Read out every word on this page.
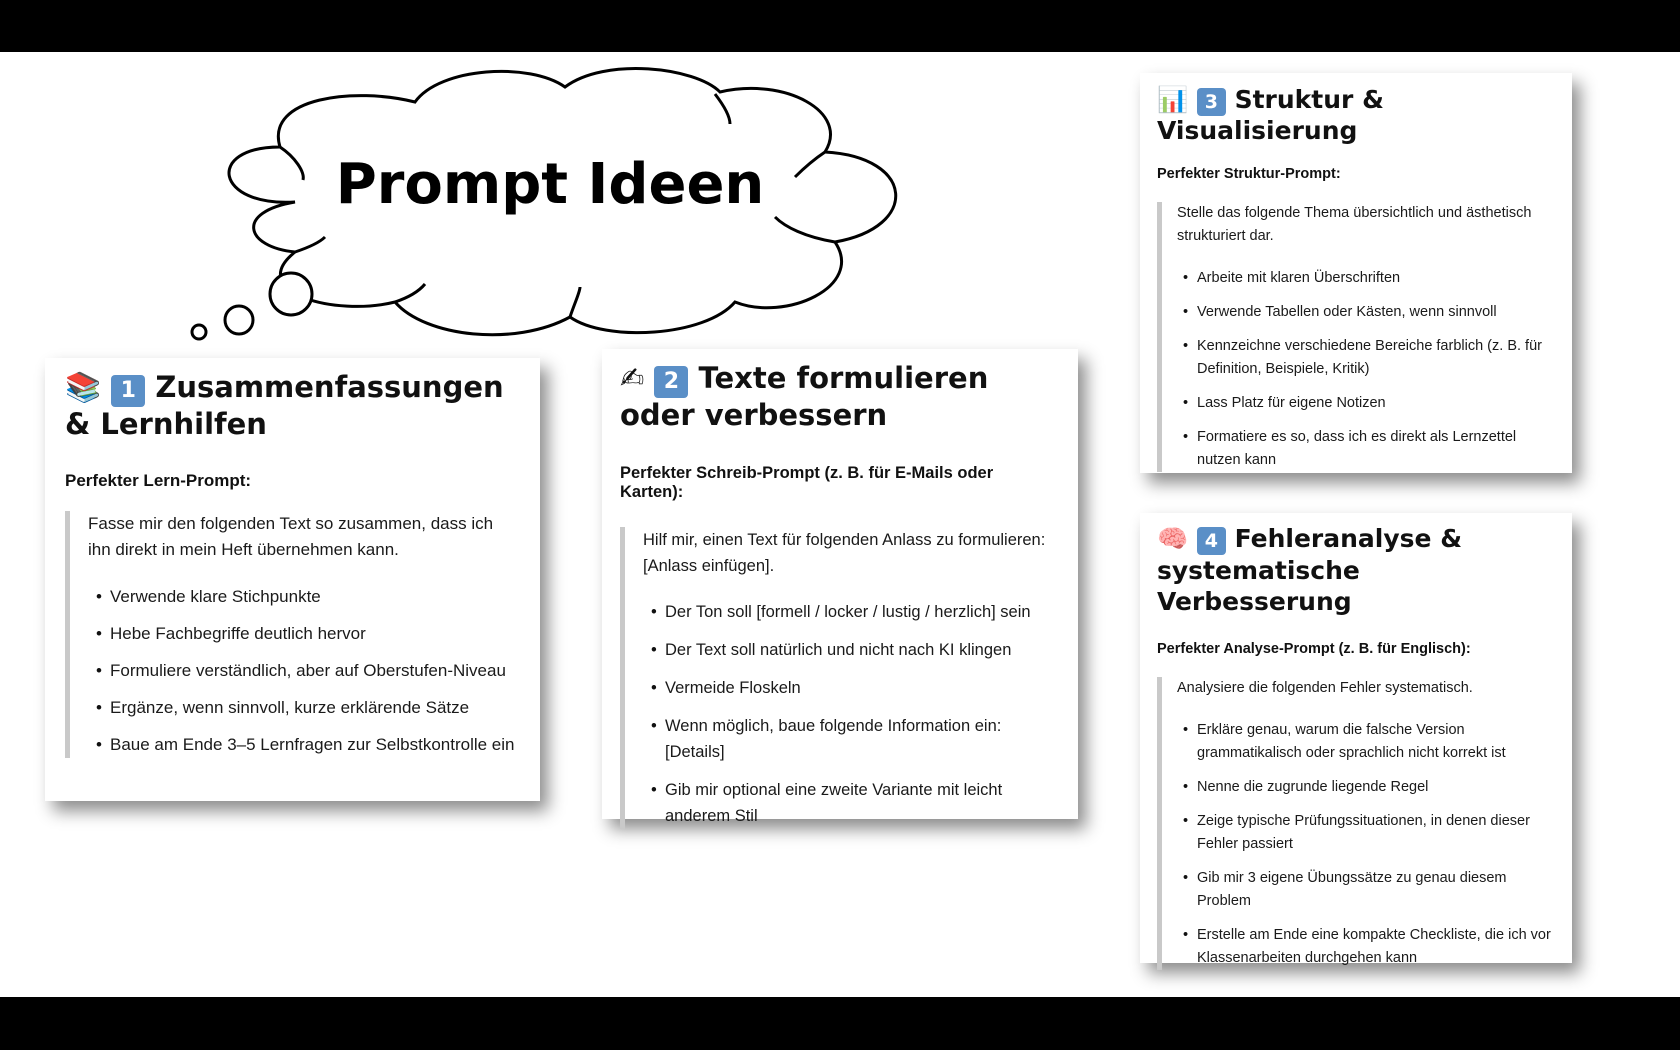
Prompt Ideen
📚 1 Zusammenfassungen & Lernhilfen

Perfekter Lern-Prompt:

Fasse mir den folgenden Text so zusammen, dass ich ihn direkt in mein Heft übernehmen kann.

• Verwende klare Stichpunkte
• Hebe Fachbegriffe deutlich hervor
• Formuliere verständlich, aber auf Oberstufen-Niveau
• Ergänze, wenn sinnvoll, kurze erklärende Sätze
• Baue am Ende 3–5 Lernfragen zur Selbstkontrolle ein
✍ 2 Texte formulieren oder verbessern

Perfekter Schreib-Prompt (z. B. für E-Mails oder Karten):

Hilf mir, einen Text für folgenden Anlass zu formulieren: [Anlass einfügen].

• Der Ton soll [formell / locker / lustig / herzlich] sein
• Der Text soll natürlich und nicht nach KI klingen
• Vermeide Floskeln
• Wenn möglich, baue folgende Information ein: [Details]
• Gib mir optional eine zweite Variante mit leicht anderem Stil
📊 3 Struktur & Visualisierung

Perfekter Struktur-Prompt:

Stelle das folgende Thema übersichtlich und ästhetisch strukturiert dar.

• Arbeite mit klaren Überschriften
• Verwende Tabellen oder Kästen, wenn sinnvoll
• Kennzeichne verschiedene Bereiche farblich (z. B. für Definition, Beispiele, Kritik)
• Lass Platz für eigene Notizen
• Formatiere es so, dass ich es direkt als Lernzettel nutzen kann
🧠 4 Fehleranalyse & systematische Verbesserung

Perfekter Analyse-Prompt (z. B. für Englisch):

Analysiere die folgenden Fehler systematisch.

• Erkläre genau, warum die falsche Version grammatikalisch oder sprachlich nicht korrekt ist
• Nenne die zugrunde liegende Regel
• Zeige typische Prüfungssituationen, in denen dieser Fehler passiert
• Gib mir 3 eigene Übungssätze zu genau diesem Problem
• Erstelle am Ende eine kompakte Checkliste, die ich vor Klassenarbeiten durchgehen kann
